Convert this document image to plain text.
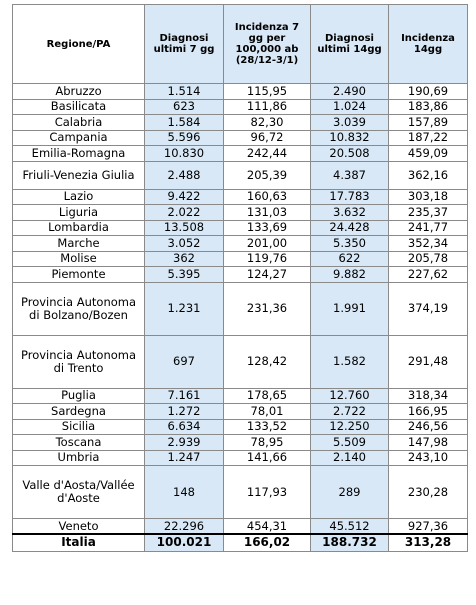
Regione/PA	Diagnosi ultimi 7 gg	Incidenza 7 gg per 100,000 ab (28/12-3/1)	Diagnosi ultimi 14gg	Incidenza 14gg
Abruzzo	1.514	115,95	2.490	190,69
Basilicata	623	111,86	1.024	183,86
Calabria	1.584	82,30	3.039	157,89
Campania	5.596	96,72	10.832	187,22
Emilia-Romagna	10.830	242,44	20.508	459,09
Friuli-Venezia Giulia	2.488	205,39	4.387	362,16
Lazio	9.422	160,63	17.783	303,18
Liguria	2.022	131,03	3.632	235,37
Lombardia	13.508	133,69	24.428	241,77
Marche	3.052	201,00	5.350	352,34
Molise	362	119,76	622	205,78
Piemonte	5.395	124,27	9.882	227,62
Provincia Autonoma di Bolzano/Bozen	1.231	231,36	1.991	374,19
Provincia Autonoma di Trento	697	128,42	1.582	291,48
Puglia	7.161	178,65	12.760	318,34
Sardegna	1.272	78,01	2.722	166,95
Sicilia	6.634	133,52	12.250	246,56
Toscana	2.939	78,95	5.509	147,98
Umbria	1.247	141,66	2.140	243,10
Valle d'Aosta/Vallée d'Aoste	148	117,93	289	230,28
Veneto	22.296	454,31	45.512	927,36
Italia	100.021	166,02	188.732	313,28
